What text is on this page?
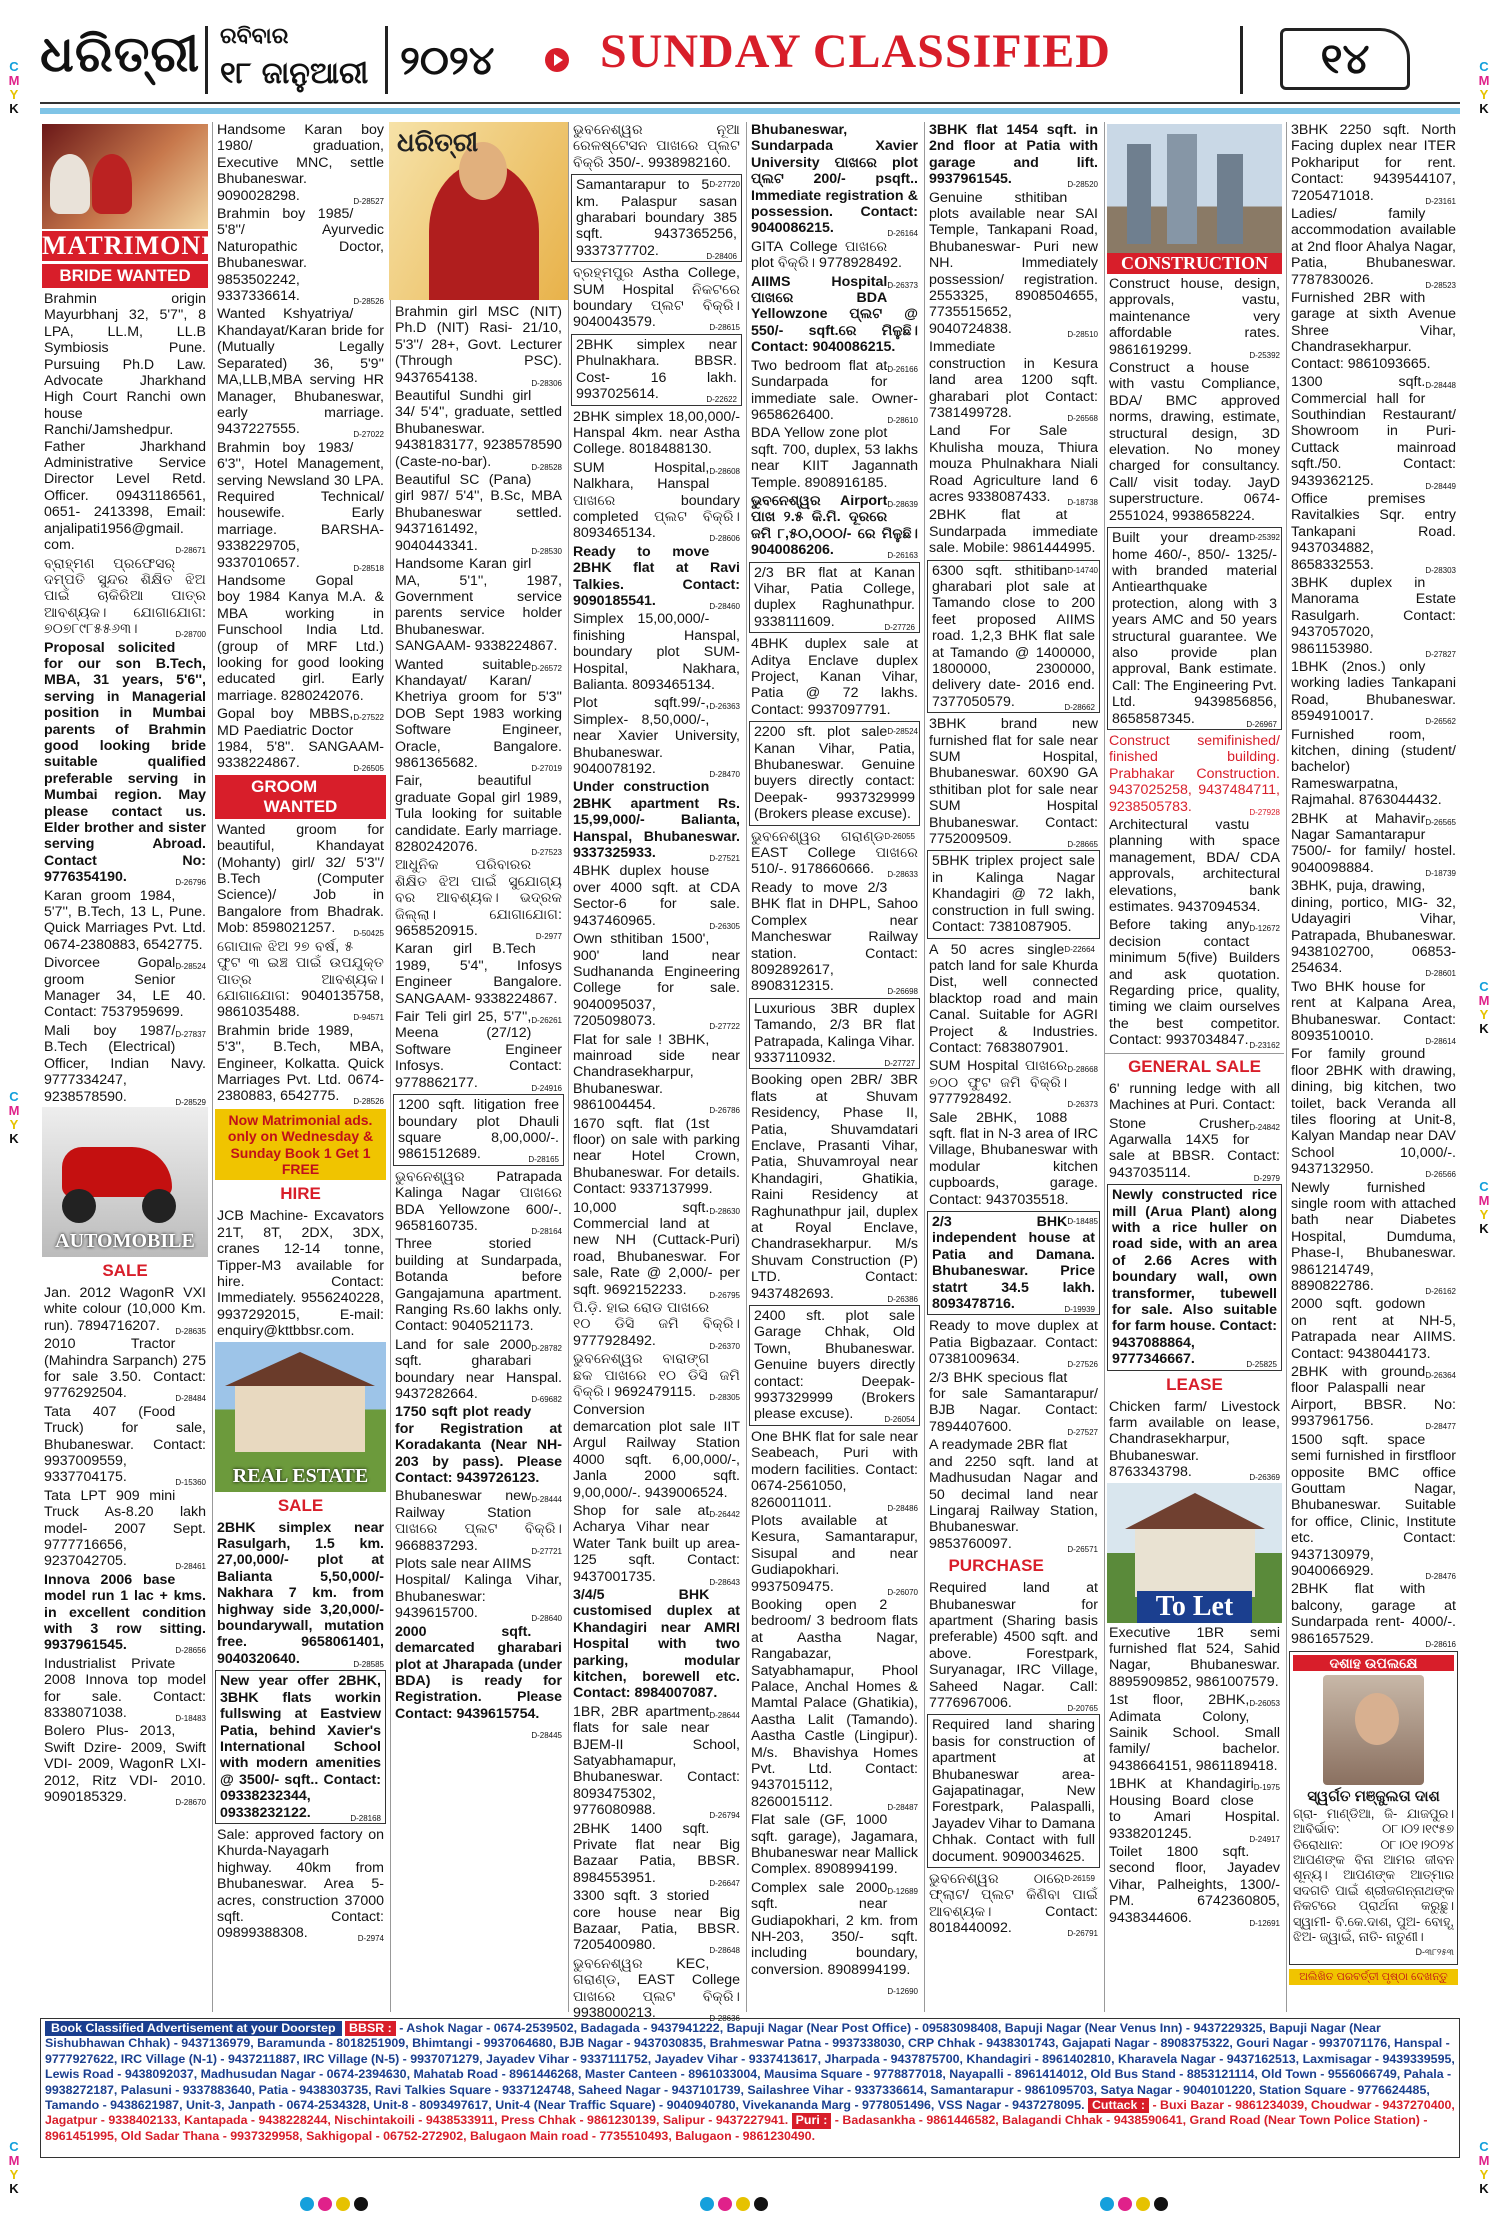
C
M
Y
K
C
M
Y
K
C
M
Y
K
C
M
Y
K
C
M
Y
K
C
M
Y
K
C
M
Y
K
ଧରିତ୍ରୀ ରବିବାର
୧୮ ଜାନୁଆରୀ ୨୦୨୪ SUNDAY CLASSIFIED	୧୪
MATRIMONIAL
BRIDE WANTED
Brahmin origin Mayurbhanj 32, 5'7'', 8 LPA, LL.M, LL.B Symbiosis Pune. Pursuing Ph.D Law. Advocate Jharkhand High Court Ranchi own house Ranchi/Jamshedpur. Father Jharkhand Administrative Service Director Level Retd. Officer. 09431186561, 0651- 2413398, Email: anjalipati1956@gmail. com.	D-28671
ବ୍ରାହ୍ମଣ ପ୍ରଫେସର୍ ଦମ୍ପତି ସୁନ୍ଦର ଶିକ୍ଷିତ ଝିଅ ପାଇଁ ଚାକିରିଆ ପାତ୍ର ଆବଶ୍ୟକ। ଯୋଗାଯୋଗ: ୭୦୭୮୯୮୫୫୬୩।	D-28700
Proposal solicited for our son B.Tech, MBA, 31 years, 5'6'', serving in Managerial position in Mumbai parents of Brahmin good looking bride suitable qualified preferable serving in Mumbai region. May please contact us. Elder brother and sister serving Abroad. Contact No: 9776354190.	D-26796
Karan groom 1984, 5'7'', B.Tech, 13 L, Pune. Quick Marriages Pvt. Ltd. 0674-2380883, 6542775.
D-28524
Divorcee Gopal groom Senior Manager 34, LE 40. Contact: 7537959699.
D-27837
Mali boy 1987/ B.Tech (Electrical) Officer, Indian Navy. 9777334247, 9238578590.	D-28529
AUTOMOBILE
SALE
Jan. 2012 WagonR VXI white colour (10,000 Km. run). 7894716207. D-28635
2010 Tractor (Mahindra Sarpanch) 275 for sale 3.50. Contact: 9776292504.	D-28484
Tata 407 (Food Truck) for sale, Bhubaneswar. Contact: 9937009559, 9337704175.	D-15360
Tata LPT 909 mini Truck As-8.20 lakh model- 2007 Sept. 9777716656, 9237042705.	D-28461
Innova 2006 base model run 1 lac + kms. in excellent condition with 3 row sitting. 9937961545.	D-28656
Industrialist Private 2008 Innova top model for sale. Contact: 8338071038.	D-18483
Bolero Plus- 2013, Swift Dzire- 2009, Swift VDI- 2009, WagonR LXI- 2012, Ritz VDI- 2010. 9090185329.	D-28670
Handsome Karan boy 1980/ graduation, Executive MNC, settle Bhubaneswar. 9090028298.	D-28527
Brahmin boy 1985/ 5'8''/ Ayurvedic Naturopathic Doctor, Bhubaneswar. 9853502242, 9337336614.	D-28526
Wanted Kshyatriya/ Khandayat/Karan bride for (Mutually Legally Separated) 36, 5'9'' MA,LLB,MBA serving HR Manager, Bhubaneswar, early marriage. 9437227555.	D-27022
Brahmin boy 1983/ 6'3'', Hotel Management, serving Newsland 30 LPA. Required Technical/ housewife. Early marriage. BARSHA- 9338229705, 9337010657.	D-28518
Handsome Gopal boy 1984 Kanya M.A. & MBA working in Funschool India Ltd. (group of MRF Ltd.) looking for good looking educated girl. Early marriage. 8280242076.
D-27522
Gopal boy MBBS, MD Paediatric Doctor 1984, 5'8''. SANGAAM- 9338224867.	D-26505
GROOM WANTED
Wanted groom for beautiful, Khandayat (Mohanty) girl/ 32/ 5'3''/ B.Tech (Computer Science)/ Job in Bangalore from Bhadrak. Mob: 8598021257. D-50425
ଗୋପାଳ ଝିଅ ୨୭ ବର୍ଷ, ୫ ଫୁଟ ୩ ଇଞ୍ଚ ପାଇଁ ଉପଯୁକ୍ତ ପାତ୍ର ଆବଶ୍ୟକ। ଯୋଗାଯୋଗ: 9040135758, 9861035488.	D-94571
Brahmin bride 1989, 5'3'', B.Tech, MBA, Engineer, Kolkatta. Quick Marriages Pvt. Ltd. 0674-2380883, 6542775. D-28526
Now Matrimonial ads. only on Wednesday & Sunday Book 1 Get 1 FREE
HIRE
JCB Machine- Excavators 21T, 8T, 2DX, 3DX, cranes 12-14 tonne, Tipper-M3 available for hire. Contact: Immediately. 9556240228, 9937292015, E-mail: enquiry@kttbbsr.com.
REAL ESTATE
SALE
2BHK simplex near Rasulgarh, 1.5 km. 27,00,000/- plot at Balianta 5,50,000/- Nakhara 7 km. from highway side 3,20,000/- boundarywall, mutation free. 9658061401, 9040320640.	D-28585
New year offer 2BHK, 3BHK flats workin fullswing at Eastview Patia, behind Xavier's International School with modern amenities @ 3500/- sqft.. Contact: 09338232344, 09338232122.	D-28168
Sale: approved factory on Khurda-Nayagarh highway. 40km from Bhubaneswar. Area 5- acres, construction 37000 sqft. Contact: 09899388308.	D-2974
ଧରିତ୍ରୀ
Brahmin girl MSC (NIT) Ph.D (NIT) Rasi- 21/10, 5'3''/ 28+, Govt. Lecturer (Through PSC). 9437654138.	D-28306
Beautiful Sundhi girl 34/ 5'4'', graduate, settled Bhubaneswar. 9438183177, 9238578590 (Caste-no-bar).	D-28528
Beautiful SC (Pana) girl 987/ 5'4'', B.Sc, MBA Bhubaneswar settled. 9437161492, 9040443341.	D-28530
Handsome Karan girl MA, 5'1'', 1987, Government service parents service holder Bhubaneswar. SANGAAM- 9338224867.
D-26572
Wanted suitable Khandayat/ Karan/ Khetriya groom for 5'3'' DOB Sept 1983 working Software Engineer, Oracle, Bangalore. 9861365682.	D-27019
Fair, beautiful graduate Gopal girl 1989, Tula looking for suitable candidate. Early marriage. 8280242076.	D-27523
ଆଧୁନିକ ପରିବାରର ଶିକ୍ଷିତ ଝିଅ ପାଇଁ ସୁଯୋଗ୍ୟ ବର ଆବଶ୍ୟକ। ଭଦ୍ରକ ଜିଲ୍ଲା। ଯୋଗାଯୋଗ: 9658520915.	D-2977
Karan girl B.Tech 1989, 5'4'', Infosys Engineer Bangalore. SANGAAM- 9338224867.
D-26261
Fair Teli girl 25, 5'7'', Meena (27/12) Software Engineer Infosys. Contact: 9778862177.	D-24916
1200 sqft. litigation free boundary plot Dhauli square 8,00,000/-. 9861512689.	D-28165
ଭୁବନେଶ୍ୱର Patrapada Kalinga Nagar ପାଖରେ BDA Yellowzone 600/-. 9658160735.	D-28164
Three storied building at Sundarpada, Botanda before Gangajamuna apartment. Ranging Rs.60 lakhs only. Contact: 9040521173.
D-28782
Land for sale 2000 sqft. gharabari boundary near Hanspal. 9437282664.	D-69682
1750 sqft plot ready for Registration at Koradakanta (Near NH-203 by pass). Please Contact: 9439726123.
D-28444
Bhubaneswar new Railway Station ପାଖରେ ପ୍ଲଟ ବିକ୍ରି। 9668837293.	D-27721
Plots sale near AIIMS Hospital/ Kalinga Vihar, Bhubaneswar: 9439615700.	D-28640
2000 sqft. demarcated gharabari plot at Jharapada (under BDA) is ready for Registration. Please Contact: 9439615754.
D-28445
ଭୁବନେଶ୍ୱର ନୂଆ ରେଳଷ୍ଟେସନ ପାଖରେ ପ୍ଲଟ ବିକ୍ରି 350/-. 9938982160.
D-27720
Samantarapur to 5 km. Palaspur sasan gharabari boundary 385 sqft. 9437365256, 9337377702.	D-28406
ବ୍ରହ୍ମପୁର Astha College, SUM Hospital ନିକଟରେ boundary ପ୍ଲଟ ବିକ୍ରି। 9040043579.	D-28615
2BHK simplex near Phulnakhara. BBSR. Cost- 16 lakh. 9937025614.	D-22622
2BHK simplex 18,00,000/- Hanspal 4km. near Astha College. 8018488130.
D-28608
SUM Hospital, Nalkhara, Hanspal ପାଖରେ boundary completed ପ୍ଲଟ ବିକ୍ରି। 8093465134.	D-28606
Ready to move 2BHK flat at Ravi Talkies. Contact: 9090185541.	D-28460
Simplex 15,00,000/- finishing Hanspal, boundary plot SUM- Hospital, Nakhara, Balianta. 8093465134.
D-26363
Plot sqft.99/-, Simplex- 8,50,000/-, near Xavier University, Bhubaneswar. 9040078192.	D-28470
Under construction 2BHK apartment Rs. 15,99,000/- Balianta, Hanspal, Bhubaneswar. 9337325933.	D-27521
4BHK duplex house over 4000 sqft. at CDA Sector-6 for sale. 9437460965.	D-26305
Own sthitiban 1500', 900' land near Sudhananda Engineering College for sale. 9040095037, 7205098073.	D-27722
Flat for sale ! 3BHK, mainroad side near Chandrasekharpur, Bhubaneswar. 9861004454.	D-26786
1670 sqft. flat (1st floor) on sale with parking near Hotel Crown, Bhubaneswar. For details. Contact: 9337137999.
D-28630
10,000 sqft. Commercial land at new NH (Cuttack-Puri) road, Bhubaneswar. For sale, Rate @ 2,000/- per sqft. 9692152233.	D-26795
ପି.ଡ଼ି. ହାଇ ରୋଡ ପାଖରେ ୧୦ ଡିସି ଜମି ବିକ୍ରି। 9777928492.	D-26370
ଭୁବନେଶ୍ୱର ବାରାଙ୍ଗ ଛକ ପାଖରେ ୧୦ ଡିସି ଜମି ବିକ୍ରି। 9692479115. D-28305
Conversion demarcation plot sale IIT Argul Railway Station 4000 sqft. 6,00,000/-, Janla 2000 sqft. 9,00,000/-. 9439006524.
D-26442
Shop for sale at Acharya Vihar near Water Tank built up area- 125 sqft. Contact: 9437001735.	D-28643
3/4/5 BHK customised duplex at Khandagiri near AMRI Hospital with two parking, modular kitchen, borewell etc. Contact: 8984007087.
D-28644
1BR, 2BR apartment flats for sale near BJEM-II School, Satyabhamapur, Bhubaneswar. Contact: 8093475302, 9776080988.	D-26794
2BHK 1400 sqft. Private flat near Big Bazaar Patia, BBSR. 8984553951.	D-26647
3300 sqft. 3 storied core house near Big Bazaar, Patia, BBSR. 7205400980.	D-28648
ଭୁବନେଶ୍ୱର KEC, ଗରାଣ୍ଡ, EAST College ପାଖରେ ପ୍ଲଟ ବିକ୍ରି। 9938000213.	D-28636
Bhubaneswar, Sundarpada Xavier University ପାଖରେ plot ପ୍ଲଟ 200/- psqft.. Immediate registration & possession. Contact: 9040086215.	D-26164
GITA College ପାଖରେ plot ବିକ୍ରି। 9778928492.
D-26373
AIIMS Hospital ପାଖରେ BDA Yellowzone ପ୍ଲଟ @ 550/- sqft.ରେ ମିଳୁଛି। Contact: 9040086215.
D-26166
Two bedroom flat at Sundarpada for immediate sale. Owner- 9658626400.	D-28610
BDA Yellow zone plot sqft. 700, duplex, 53 lakhs near KIIT Jagannath Temple. 8908916185.
D-28639
ଭୁବନେଶ୍ୱର Airport ପାଖ ୨.୫ କି.ମି. ଦୂରରେ ଜମି ୮,୫୦,୦୦୦/- ରେ ମିଳୁଛି। 9040086206.	D-26163
2/3 BR flat at Kanan Vihar, Patia College, duplex Raghunathpur. 9338111609.	D-27726
4BHK duplex sale at Aditya Enclave duplex Project, Kanan Vihar, Patia @ 72 lakhs. Contact: 9937097791.
D-28524
2200 sft. plot sale Kanan Vihar, Patia, Bhubaneswar. Genuine buyers directly contact: Deepak- 9937329999 (Brokers please excuse).
D-26055
ଭୁବନେଶ୍ୱର ଗରାଣ୍ଡ EAST College ପାଖରେ 510/-. 9178660666. D-28633
Ready to move 2/3 BHK flat in DHPL, Sahoo Complex near Mancheswar Railway station. Contact: 8092892617, 8908312315.	D-26698
Luxurious 3BR duplex Tamando, 2/3 BR flat Patrapada, Kalinga Vihar. 9337110932.	D-27727
Booking open 2BR/ 3BR flats at Shuvam Residency, Phase II, Patia, Shuvamdatari Enclave, Prasanti Vihar, Patia, Shuvamroyal near Khandagiri, Ghatikia, Raini Residency at Raghunathpur jail, duplex at Royal Enclave, Chandrasekharpur. M/s Shuvam Construction (P) LTD. Contact: 9437482693.	D-26386
2400 sft. plot sale Garage Chhak, Old Town, Bhubaneswar. Genuine buyers directly contact: Deepak- 9937329999 (Brokers please excuse).	D-26054
One BHK flat for sale near Seabeach, Puri with modern facilities. Contact: 0674-2561050, 8260011011.	D-28486
Plots available at Kesura, Samantarapur, Sisupal and near Gudiapokhari. 9937509475.	D-26070
Booking open 2 bedroom/ 3 bedroom flats at Aastha Nagar, Rangabazar, Satyabhamapur, Phool Palace, Anchal Homes & Mamtal Palace (Ghatikia), Aastha Lalit (Tamando). Aastha Castle (Lingipur). M/s. Bhavishya Homes Pvt. Ltd. Contact: 9437015112, 8260015112.	D-28487
Flat sale (GF, 1000 sqft. garage), Jagamara, Bhubaneswar near Mallick Complex. 8908994199.
D-12689
Complex sale 2000 sqft. near Gudiapokhari, 2 km. from NH-203, 350/- sqft. including boundary, conversion. 8908994199.
D-12690
3BHK flat 1454 sqft. in 2nd floor at Patia with garage and lift. 9937961545.	D-28520
Genuine sthitiban plots available near SAI Temple, Tankapani Road, Bhubaneswar- Puri new NH. Immediately possession/ registration. 2553325, 8908504655, 7735515652, 9040724838.	D-28510
Immediate construction in Kesura land area 1200 sqft. gharabari plot Contact: 7381499728.	D-26568
Land For Sale Khulisha mouza, Thiura mouza Phulnakhara Niali Road Agriculture land 6 acres 9338087433. D-18738
2BHK flat at Sundarpada immediate sale. Mobile: 9861444995.
D-14740
6300 sqft. sthitiban gharabari plot sale at Tamando close to 200 feet proposed AIIMS road. 1,2,3 BHK flat sale at Tamando @ 1400000, 1800000, 2300000, delivery date- 2016 end. 7377050579.	D-28662
3BHK brand new furnished flat for sale near SUM Hospital, Bhubaneswar. 60X90 GA sthitiban plot for sale near SUM Hospital Bhubaneswar. Contact: 7752009509.	D-28665
5BHK triplex project sale in Kalinga Nagar Khandagiri @ 72 lakh, construction in full swing. Contact: 7381087905.
D-22664
A 50 acres single patch land for sale Khurda Dist, well connected blacktop road and main Canal. Suitable for AGRI Project & Industries. Contact: 7683807901.
D-28668
SUM Hospital ପାଖରେ ୭୦୦ ଫୁଟ ଜମି ବିକ୍ରି। 9777928492.	D-26373
Sale 2BHK, 1088 sqft. flat in N-3 area of IRC Village, Bhubaneswar with modular kitchen cupboards, garage. Contact: 9437035518.
D-18485
2/3 BHK independent house at Patia and Damana. Bhubaneswar. Price statrt 34.5 lakh. 8093478716.	D-19939
Ready to move duplex at Patia Bigbazaar. Contact: 07381009634.	D-27526
2/3 BHK specious flat for sale Samantarapur/ BJB Nagar. Contact: 7894407600.	D-27527
A readymade 2BR flat and 2250 sqft. land at Madhusudan Nagar and 50 decimal land near Lingaraj Railway Station, Bhubaneswar. 9853760097.	D-26571
PURCHASE
Required land at Bhubaneswar for apartment (Sharing basis preferable) 4500 sqft. and above. Forestpark, Suryanagar, IRC Village, Saheed Nagar. Call: 7776967006.	D-20765
Required land sharing basis for construction of apartment at Bhubaneswar area- Gajapatinagar, New Forestpark, Palaspalli, Jayadev Vihar to Damana Chhak. Contact with full document. 9090034625.
D-26159
ଭୁବନେଶ୍ୱର ଠାରେ ଫ୍ଲାଟ/ ପ୍ଲଟ କିଣିବା ପାଇଁ ଆବଶ୍ୟକ। Contact: 8018440092.	D-26791
CONSTRUCTION
Construct house, design, approvals, vastu, maintenance very affordable rates. 9861619299.	D-25392
Construct a house with vastu Compliance, BDA/ BMC approved norms, drawing, estimate, structural design, 3D elevation. No money charged for consultancy. Call/ visit today. JayD superstructure. 0674- 2551024, 9938658224.
D-25392
Built your dream home 460/-, 850/- 1325/- with branded material Antiearthquake protection, along with 3 years AMC and 50 years structural guarantee. We also provide plan approval, Bank estimate. Call: The Engineering Pvt. Ltd. 9439856856, 8658587345.	D-26967
Construct semifinished/ finished building. Prabhakar Construction. 9437025258, 9437484711, 9238505783.	D-27928
Architectural vastu planning with space management, BDA/ CDA approvals, architectural elevations, bank estimates. 9437094534.
D-12672
Before taking any decision contact minimum 5(five) Builders and ask quotation. Regarding price, quality, timing we claim ourselves the best competitor. Contact: 9937034847. D-23162
GENERAL SALE
6' running ledge with all Machines at Puri. Contact:
D-24842
Stone Crusher Agarwalla 14X5 for sale at BBSR. Contact: 9437035114.	D-2979
Newly constructed rice mill (Arua Plant) along with a rice huller on road side, with an area of 2.66 Acres with boundary wall, own transformer, tubewell for sale. Also suitable for farm house. Contact: 9437088864, 9777346667.	D-25825
LEASE
Chicken farm/ Livestock farm available on lease, Chandrasekharpur, Bhubaneswar. 8763343798.	D-26369
To Let
Executive 1BR semi furnished flat 524, Sahid Nagar, Bhubaneswar. 8895909852, 9861007579.
D-26053
1st floor, 2BHK, Adimata Colony, Sainik School. Small family/ bachelor. 9438664151, 9861189418.
D-1975
1BHK at Khandagiri Housing Board close to Amari Hospital. 9338201245.	D-24917
Toilet 1800 sqft. second floor, Jayadev Vihar, Palheights, 1300/- PM. 6742360805, 9438344606.	D-12691
3BHK 2250 sqft. North Facing duplex near ITER Pokhariput for rent. Contact: 9439544107, 7205471018.	D-23161
Ladies/ family accommodation available at 2nd floor Ahalya Nagar, Patia, Bhubaneswar. 7787830026.	D-28523
Furnished 2BR with garage at sixth Avenue Shree Vihar, Chandrasekharpur. Contact: 9861093665.
D-28448
1300 sqft. Commercial hall for Southindian Restaurant/ Showroom in Puri- Cuttack mainroad sqft./50. Contact: 9439362125.	D-28449
Office premises Ravitalkies Sqr. entry Tankapani Road. 9437034882, 8658332553.	D-28303
3BHK duplex in Manorama Estate Rasulgarh. Contact: 9437057020, 9861153980.	D-27827
1BHK (2nos.) only working ladies Tankapani Road, Bhubaneswar. 8594910017.	D-26562
Furnished room, kitchen, dining (student/ bachelor) Rameswarpatna, Rajmahal. 8763044432.
D-26565
2BHK at Mahavir Nagar Samantarapur 7500/- for family/ hostel. 9040098884.	D-18739
3BHK, puja, drawing, dining, portico, MIG- 32, Udayagiri Vihar, Patrapada, Bhubaneswar. 9438102700, 06853-254634.	D-28601
Two BHK house for rent at Kalpana Area, Bhubaneswar. Contact: 8093510010.	D-28614
For family ground floor 2BHK with drawing, dining, big kitchen, two toilet, back Veranda all tiles flooring at Unit-8, Kalyan Mandap near DAV School 10,000/-. 9437132950.	D-26566
Newly furnished single room with attached bath near Diabetes Hospital, Dumduma, Phase-I, Bhubaneswar. 9861214749, 8890822786.	D-26162
2000 sqft. godown on rent at NH-5, Patrapada near AIIMS. Contact: 9438044173.
D-26364
2BHK with ground floor Palaspalli near Airport, BBSR. No: 9937961756.	D-28477
1500 sqft. space semi furnished in firstfloor opposite BMC office Gouttam Nagar, Bhubaneswar. Suitable for office, Clinic, Institute etc. Contact: 9437130979, 9040066929.	D-28476
2BHK flat with balcony, garage at Sundarpada rent- 4000/-. 9861657529.	D-28616
ଦଶାହ ଉପଲକ୍ଷେ
ସ୍ୱର୍ଗତ ମଞ୍ଜୁଲତା ଦାଶ
ଗ୍ରା- ମାଣ୍ଡିଆ, ଜି- ଯାଜପୁର। ଆବିର୍ଭାବ: ୦୮।୦୨।୧୯୫୭ ତିରୋଧାନ: ୦୮।୦୧।୨୦୨୪ ଆପଣଙ୍କ ବିନା ଆମର ଜୀବନ ଶୂନ୍ୟ। ଆପଣଙ୍କ ଆତ୍ମାର ସଦଗତି ପାଇଁ ଶ୍ରୀଜଗନ୍ନାଥଙ୍କ ନିକଟରେ ପ୍ରାର୍ଥନା କରୁଛୁ। ସ୍ୱାମୀ- ବି.କେ.ଦାଶ, ପୁଅ- ବୋହୂ, ଝିଅ- ଜ୍ୱାଇଁ, ନାତି- ନାତୁଣୀ।
D-୩୮୨୫୩
ଅଲିଖିତ ପରବର୍ତ୍ତୀ ପୃଷ୍ଠା ଦେଖନ୍ତୁ
Book Classified Advertisement at your Doorstep BBSR : - Ashok Nagar - 0674-2539502, Badagada - 9437941222, Bapuji Nagar (Near Post Office) - 09583098408, Bapuji Nagar (Near Venus Inn) - 9437229325, Bapuji Nagar (Near Sishubhawan Chhak) - 9437136979, Baramunda - 8018251909, Bhimtangi - 9937064680, BJB Nagar - 9437030835, Brahmeswar Patna - 9937338030, CRP Chhak - 9438301743, Gajapati Nagar - 8908375322, Gouri Nagar - 9937071176, Hanspal - 9777927622, IRC Village (N-1) - 9437211887, IRC Village (N-5) - 9937071279, Jayadev Vihar - 9337111752, Jayadev Vihar - 9337413617, Jharpada - 9437875700, Khandagiri - 8961402810, Kharavela Nagar - 9437162513, Laxmisagar - 9439339595, Lewis Road - 9438092037, Madhusudan Nagar - 0674-2394630, Mahatab Road - 8961446268, Master Canteen - 8961033004, Mausima Square - 9778877018, Nayapalli - 8961414012, Old Bus Stand - 8853121114, Old Town - 9556066749, Pahala - 9938272187, Palasuni - 9337883640, Patia - 9438303735, Ravi Talkies Square - 9337124748, Saheed Nagar - 9437101739, Sailashree Vihar - 9337336614, Samantarapur - 9861095703, Satya Nagar - 9040101220, Station Square - 9776624485, Tamando - 9438621987, Unit-3, Janpath - 0674-2534328, Unit-8 - 8093497617, Unit-4 (Near Traffic Square) - 9040940780, Vivekananda Marg - 9778051496, VSS Nagar - 9437278095. Cuttack : - Buxi Bazar - 9861234039, Choudwar - 9437270400, Jagatpur - 9338402133, Kantapada - 9438228244, Nischintakoili - 9438533911, Press Chhak - 9861230139, Salipur - 9437227941. Puri : - Badasankha - 9861446582, Balagandi Chhak - 9438590641, Grand Road (Near Town Police Station) - 8961451995, Old Sadar Thana - 9937329958, Sakhigopal - 06752-272902, Balugaon Main road - 7735510493, Balugaon - 9861230490.
